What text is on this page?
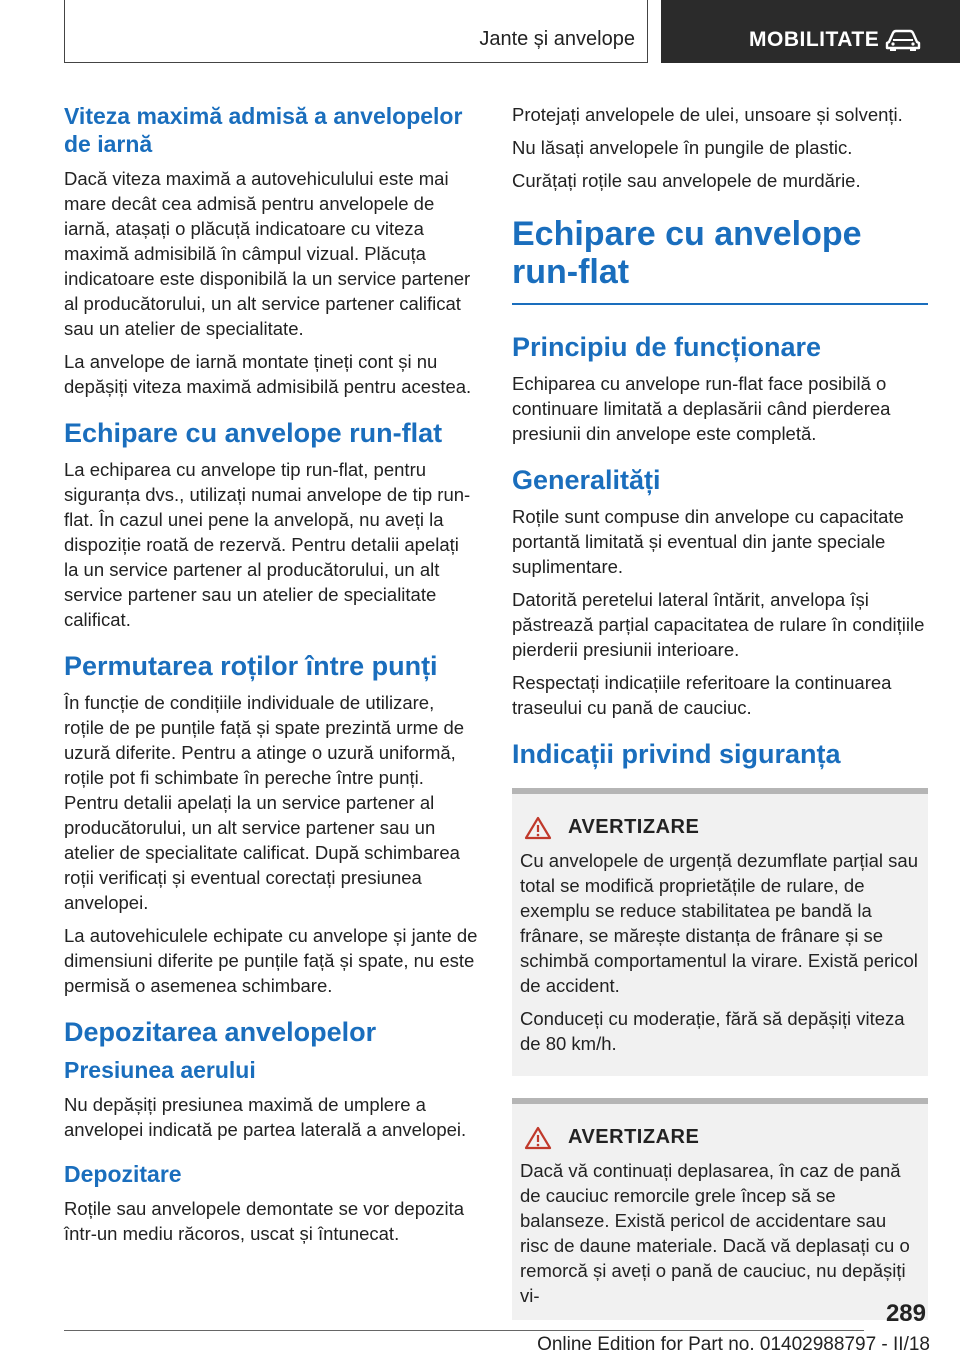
Jante și anvelope	MOBILITATE
Viteza maximă admisă a anvelopelor de iarnă

Dacă viteza maximă a autovehiculului este mai mare decât cea admisă pentru anvelopele de iarnă, atașați o plăcuță indicatoare cu viteza maximă admisibilă în câmpul vizual. Plăcuța indicatoare este disponibilă la un service partener al producătorului, un alt service partener calificat sau un atelier de specialitate.

La anvelope de iarnă montate țineți cont și nu depășiți viteza maximă admisibilă pentru acestea.

Echipare cu anvelope run-flat

La echiparea cu anvelope tip run-flat, pentru siguranța dvs., utilizați numai anvelope de tip run-flat. În cazul unei pene la anvelopă, nu aveți la dispoziție roată de rezervă. Pentru detalii apelați la un service partener al producătorului, un alt service partener sau un atelier de specialitate calificat.

Permutarea roților între punți

În funcție de condițiile individuale de utilizare, roțile de pe punțile față și spate prezintă urme de uzură diferite. Pentru a atinge o uzură uniformă, roțile pot fi schimbate în pereche între punți. Pentru detalii apelați la un service partener al producătorului, un alt service partener sau un atelier de specialitate calificat. După schimbarea roții verificați și eventual corectați presiunea anvelopei.

La autovehiculele echipate cu anvelope și jante de dimensiuni diferite pe punțile față și spate, nu este permisă o asemenea schimbare.

Depozitarea anvelopelor
Presiunea aerului

Nu depășiți presiunea maximă de umplere a anvelopei indicată pe partea laterală a anvelopei.

Depozitare

Roțile sau anvelopele demontate se vor depozita într-un mediu răcoros, uscat și întunecat.

Protejați anvelopele de ulei, unsoare și solvenți.

Nu lăsați anvelopele în pungile de plastic.

Curățați roțile sau anvelopele de murdărie.

Echipare cu anvelope run-flat
Principiu de funcționare

Echiparea cu anvelope run-flat face posibilă o continuare limitată a deplasării când pierderea presiunii din anvelope este completă.

Generalități

Roțile sunt compuse din anvelope cu capacitate portantă limitată și eventual din jante speciale suplimentare.

Datorită peretelui lateral întărit, anvelopa își păstrează parțial capacitatea de rulare în condițiile pierderii presiunii interioare.

Respectați indicațiile referitoare la continuarea traseului cu pană de cauciuc.

Indicații privind siguranța
AVERTIZARE

Cu anvelopele de urgență dezumflate parțial sau total se modifică proprietățile de rulare, de exemplu se reduce stabilitatea pe bandă la frânare, se mărește distanța de frânare și se schimbă comportamentul la virare. Există pericol de accident.

Conduceți cu moderație, fără să depășiți viteza de 80 km/h.

AVERTIZARE

Dacă vă continuați deplasarea, în caz de pană de cauciuc remorcile grele încep să se balanseze. Există pericol de accidentare sau risc de daune materiale. Dacă vă deplasați cu o remorcă și aveți o pană de cauciuc, nu depășiți vi-

289
Online Edition for Part no. 01402988797 - II/18
